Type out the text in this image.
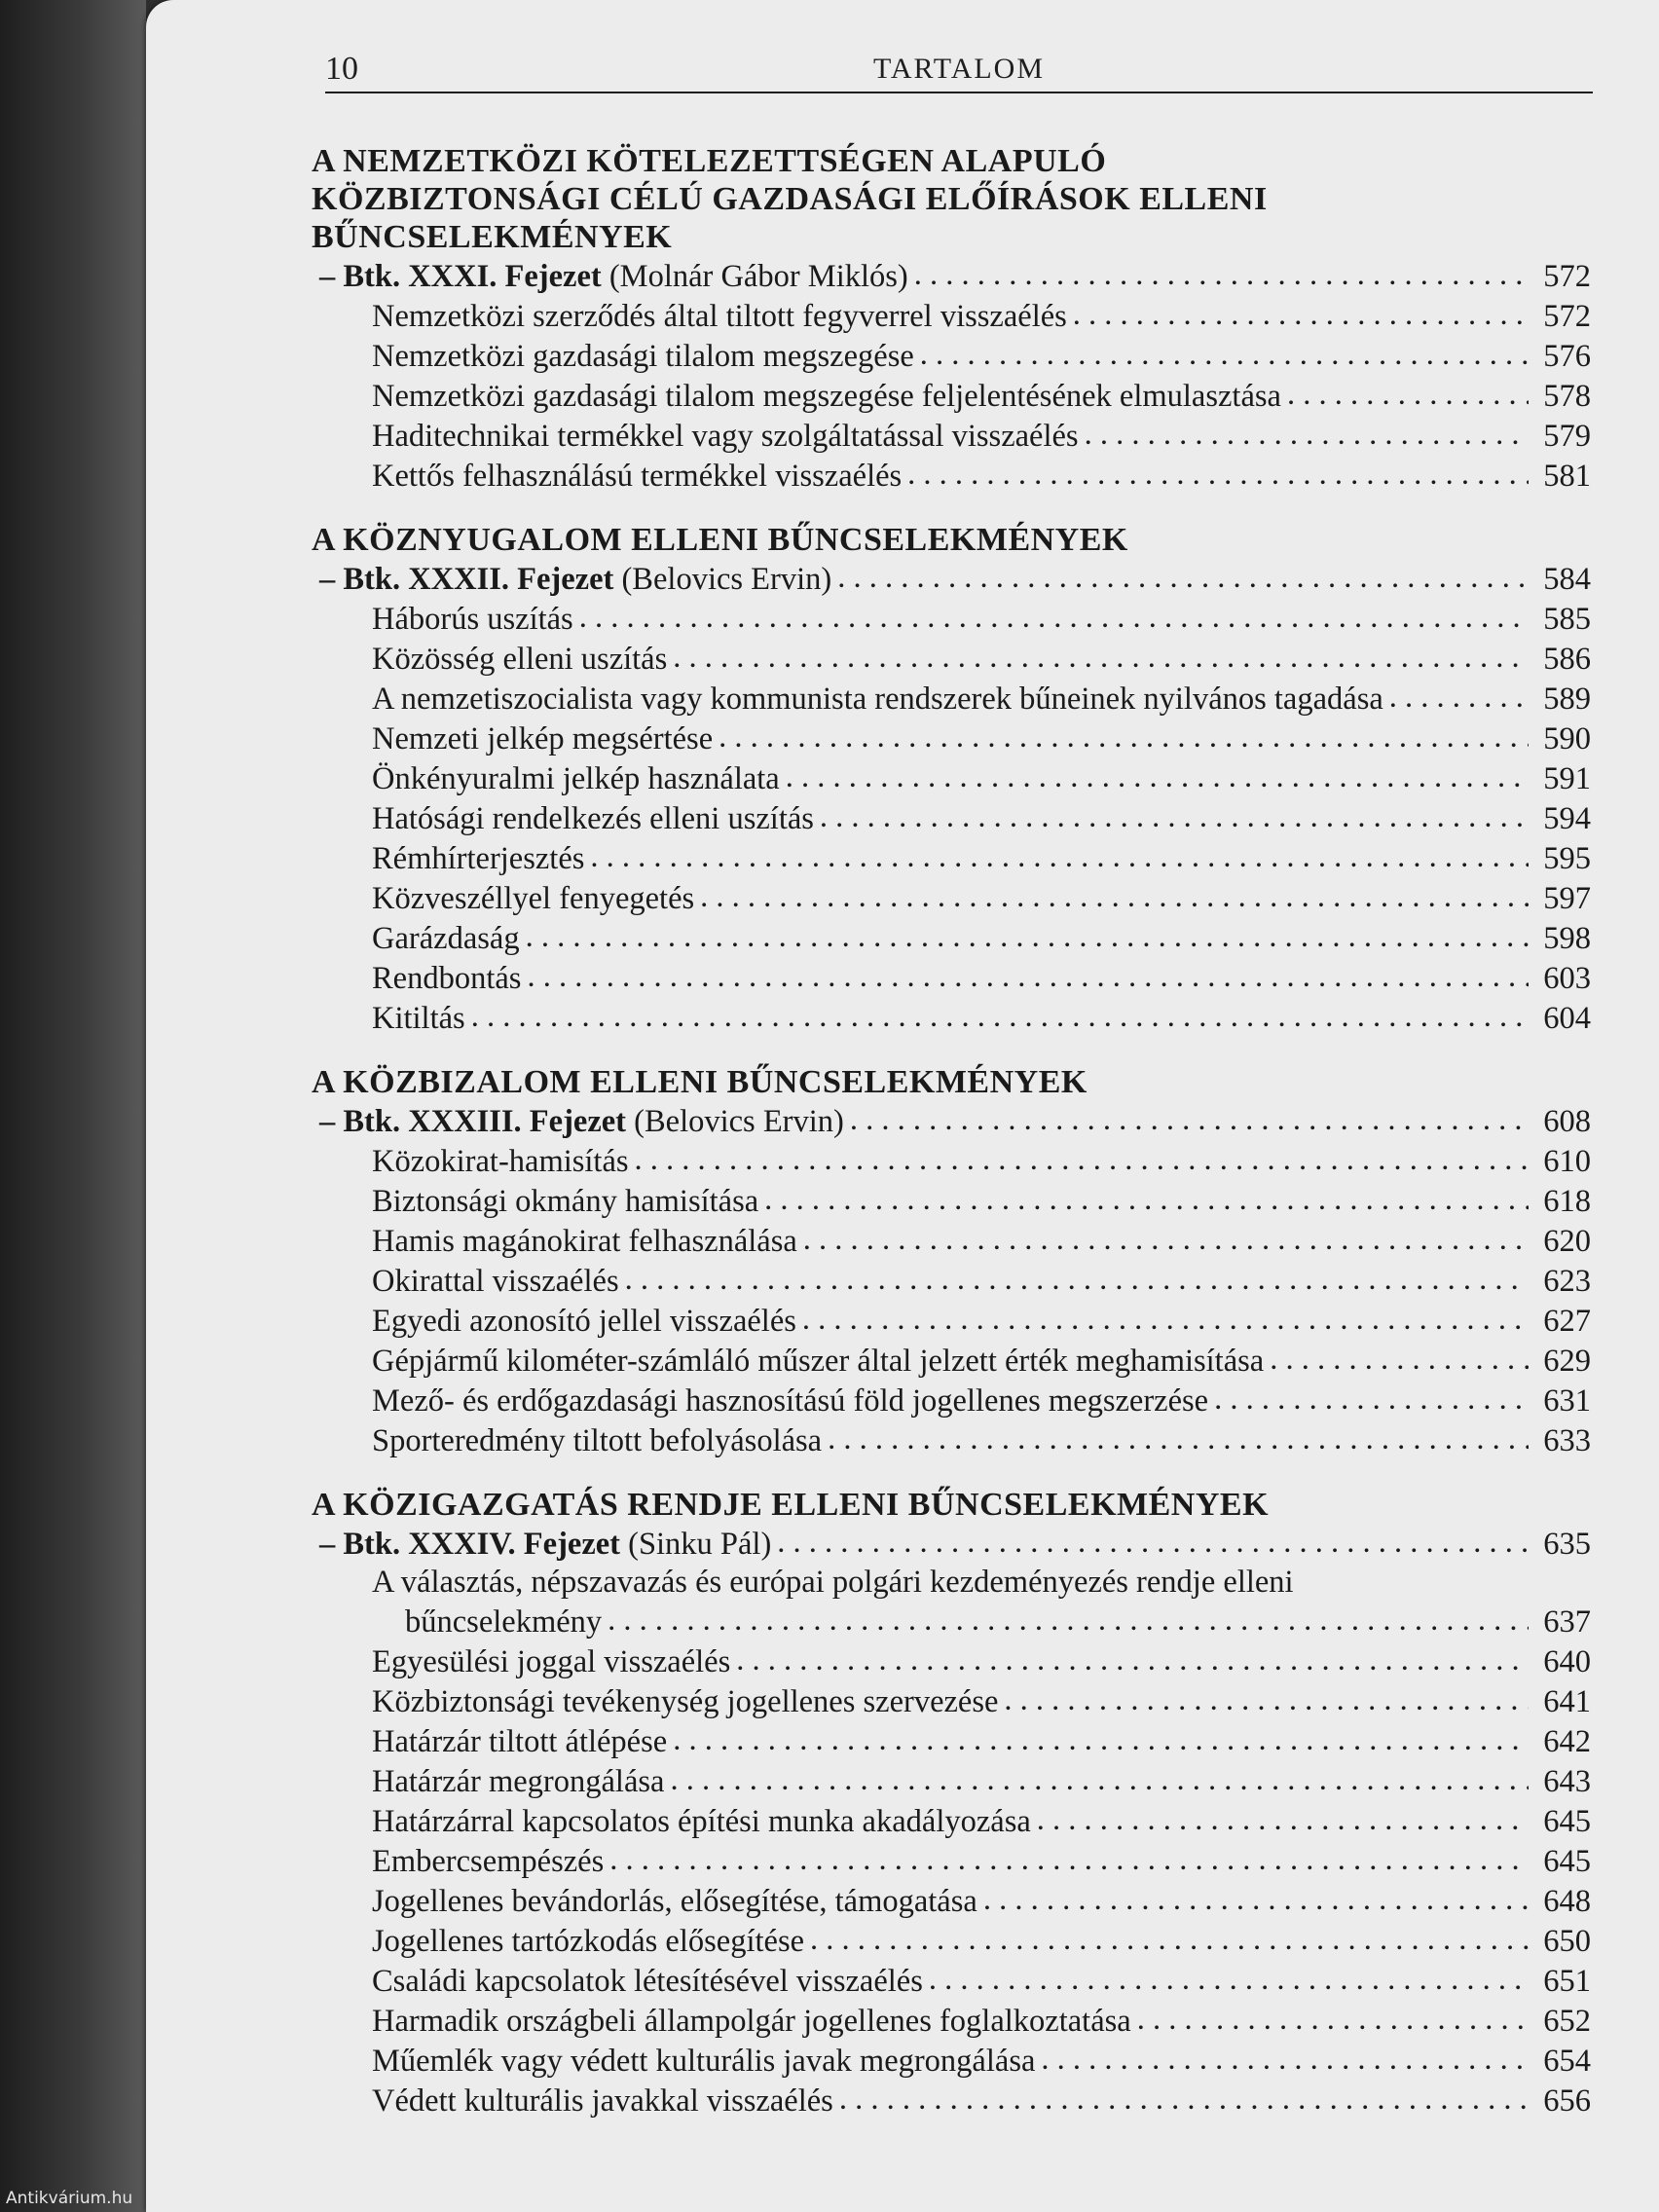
10	TARTALOM
A NEMZETKÖZI KÖTELEZETTSÉGEN ALAPULÓ
KÖZBIZTONSÁGI CÉLÚ GAZDASÁGI ELŐÍRÁSOK ELLENI
BŰNCSELEKMÉNYEK
– Btk. XXXI. Fejezet (Molnár Gábor Miklós) . . .	572
Nemzetközi szerződés által tiltott fegyverrel visszaélés . . .	572
Nemzetközi gazdasági tilalom megszegése . . .	576
Nemzetközi gazdasági tilalom megszegése feljelentésének elmulasztása . . .	578
Haditechnikai termékkel vagy szolgáltatással visszaélés . . .	579
Kettős felhasználású termékkel visszaélés . . .	581
A KÖZNYUGALOM ELLENI BŰNCSELEKMÉNYEK
– Btk. XXXII. Fejezet (Belovics Ervin) . . .	584
Háborús uszítás . . .	585
Közösség elleni uszítás . . .	586
A nemzetiszocialista vagy kommunista rendszerek bűneinek nyilvános tagadása . . .	589
Nemzeti jelkép megsértése . . .	590
Önkényuralmi jelkép használata . . .	591
Hatósági rendelkezés elleni uszítás . . .	594
Rémhírterjesztés . . .	595
Közveszéllyel fenyegetés . . .	597
Garázdaság . . .	598
Rendbontás . . .	603
Kitiltás . . .	604
A KÖZBIZALOM ELLENI BŰNCSELEKMÉNYEK
– Btk. XXXIII. Fejezet (Belovics Ervin) . . .	608
Közokirat-hamisítás . . .	610
Biztonsági okmány hamisítása . . .	618
Hamis magánokirat felhasználása . . .	620
Okirattal visszaélés . . .	623
Egyedi azonosító jellel visszaélés . . .	627
Gépjármű kilométer-számláló műszer által jelzett érték meghamisítása . . .	629
Mező- és erdőgazdasági hasznosítású föld jogellenes megszerzése . . .	631
Sporteredmény tiltott befolyásolása . . .	633
A KÖZIGAZGATÁS RENDJE ELLENI BŰNCSELEKMÉNYEK
– Btk. XXXIV. Fejezet (Sinku Pál) . . .	635
A választás, népszavazás és európai polgári kezdeményezés rendje elleni
bűncselekmény . . .	637
Egyesülési joggal visszaélés . . .	640
Közbiztonsági tevékenység jogellenes szervezése . . .	641
Határzár tiltott átlépése . . .	642
Határzár megrongálása . . .	643
Határzárral kapcsolatos építési munka akadályozása . . .	645
Embercsempészés . . .	645
Jogellenes bevándorlás, elősegítése, támogatása . . .	648
Jogellenes tartózkodás elősegítése . . .	650
Családi kapcsolatok létesítésével visszaélés . . .	651
Harmadik országbeli állampolgár jogellenes foglalkoztatása . . .	652
Műemlék vagy védett kulturális javak megrongálása . . .	654
Védett kulturális javakkal visszaélés . . .	656
Antikvárium.hu
